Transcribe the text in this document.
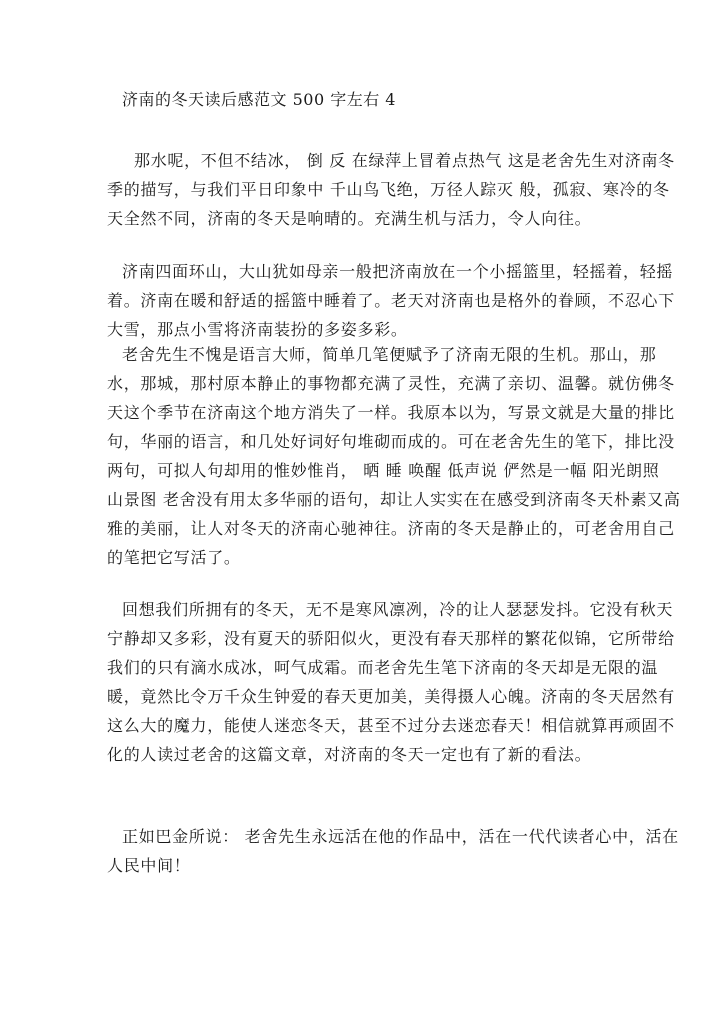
济南的冬天读后感范文 500 字左右 4
那水呢，不但不结冰， 倒 反 在绿萍上冒着点热气 这是老舍先生对济南冬
季的描写，与我们平日印象中 千山鸟飞绝，万径人踪灭 般，孤寂、寒冷的冬
天全然不同，济南的冬天是响晴的。充满生机与活力，令人向往。
济南四面环山，大山犹如母亲一般把济南放在一个小摇篮里，轻摇着，轻摇
着。济南在暖和舒适的摇篮中睡着了。老天对济南也是格外的眷顾，不忍心下
大雪，那点小雪将济南装扮的多姿多彩。
老舍先生不愧是语言大师，简单几笔便赋予了济南无限的生机。那山，那
水，那城，那村原本静止的事物都充满了灵性，充满了亲切、温馨。就仿佛冬
天这个季节在济南这个地方消失了一样。我原本以为，写景文就是大量的排比
句，华丽的语言，和几处好词好句堆砌而成的。可在老舍先生的笔下，排比没
两句，可拟人句却用的惟妙惟肖， 晒 睡 唤醒 低声说 俨然是一幅 阳光朗照
山景图 老舍没有用太多华丽的语句，却让人实实在在感受到济南冬天朴素又高
雅的美丽，让人对冬天的济南心驰神往。济南的冬天是静止的，可老舍用自己
的笔把它写活了。
回想我们所拥有的冬天，无不是寒风凛冽，冷的让人瑟瑟发抖。它没有秋天
宁静却又多彩，没有夏天的骄阳似火，更没有春天那样的繁花似锦，它所带给
我们的只有滴水成冰，呵气成霜。而老舍先生笔下济南的冬天却是无限的温
暖，竟然比令万千众生钟爱的春天更加美，美得摄人心魄。济南的冬天居然有
这么大的魔力，能使人迷恋冬天，甚至不过分去迷恋春天！相信就算再顽固不
化的人读过老舍的这篇文章，对济南的冬天一定也有了新的看法。
正如巴金所说： 老舍先生永远活在他的作品中，活在一代代读者心中，活在
人民中间！
